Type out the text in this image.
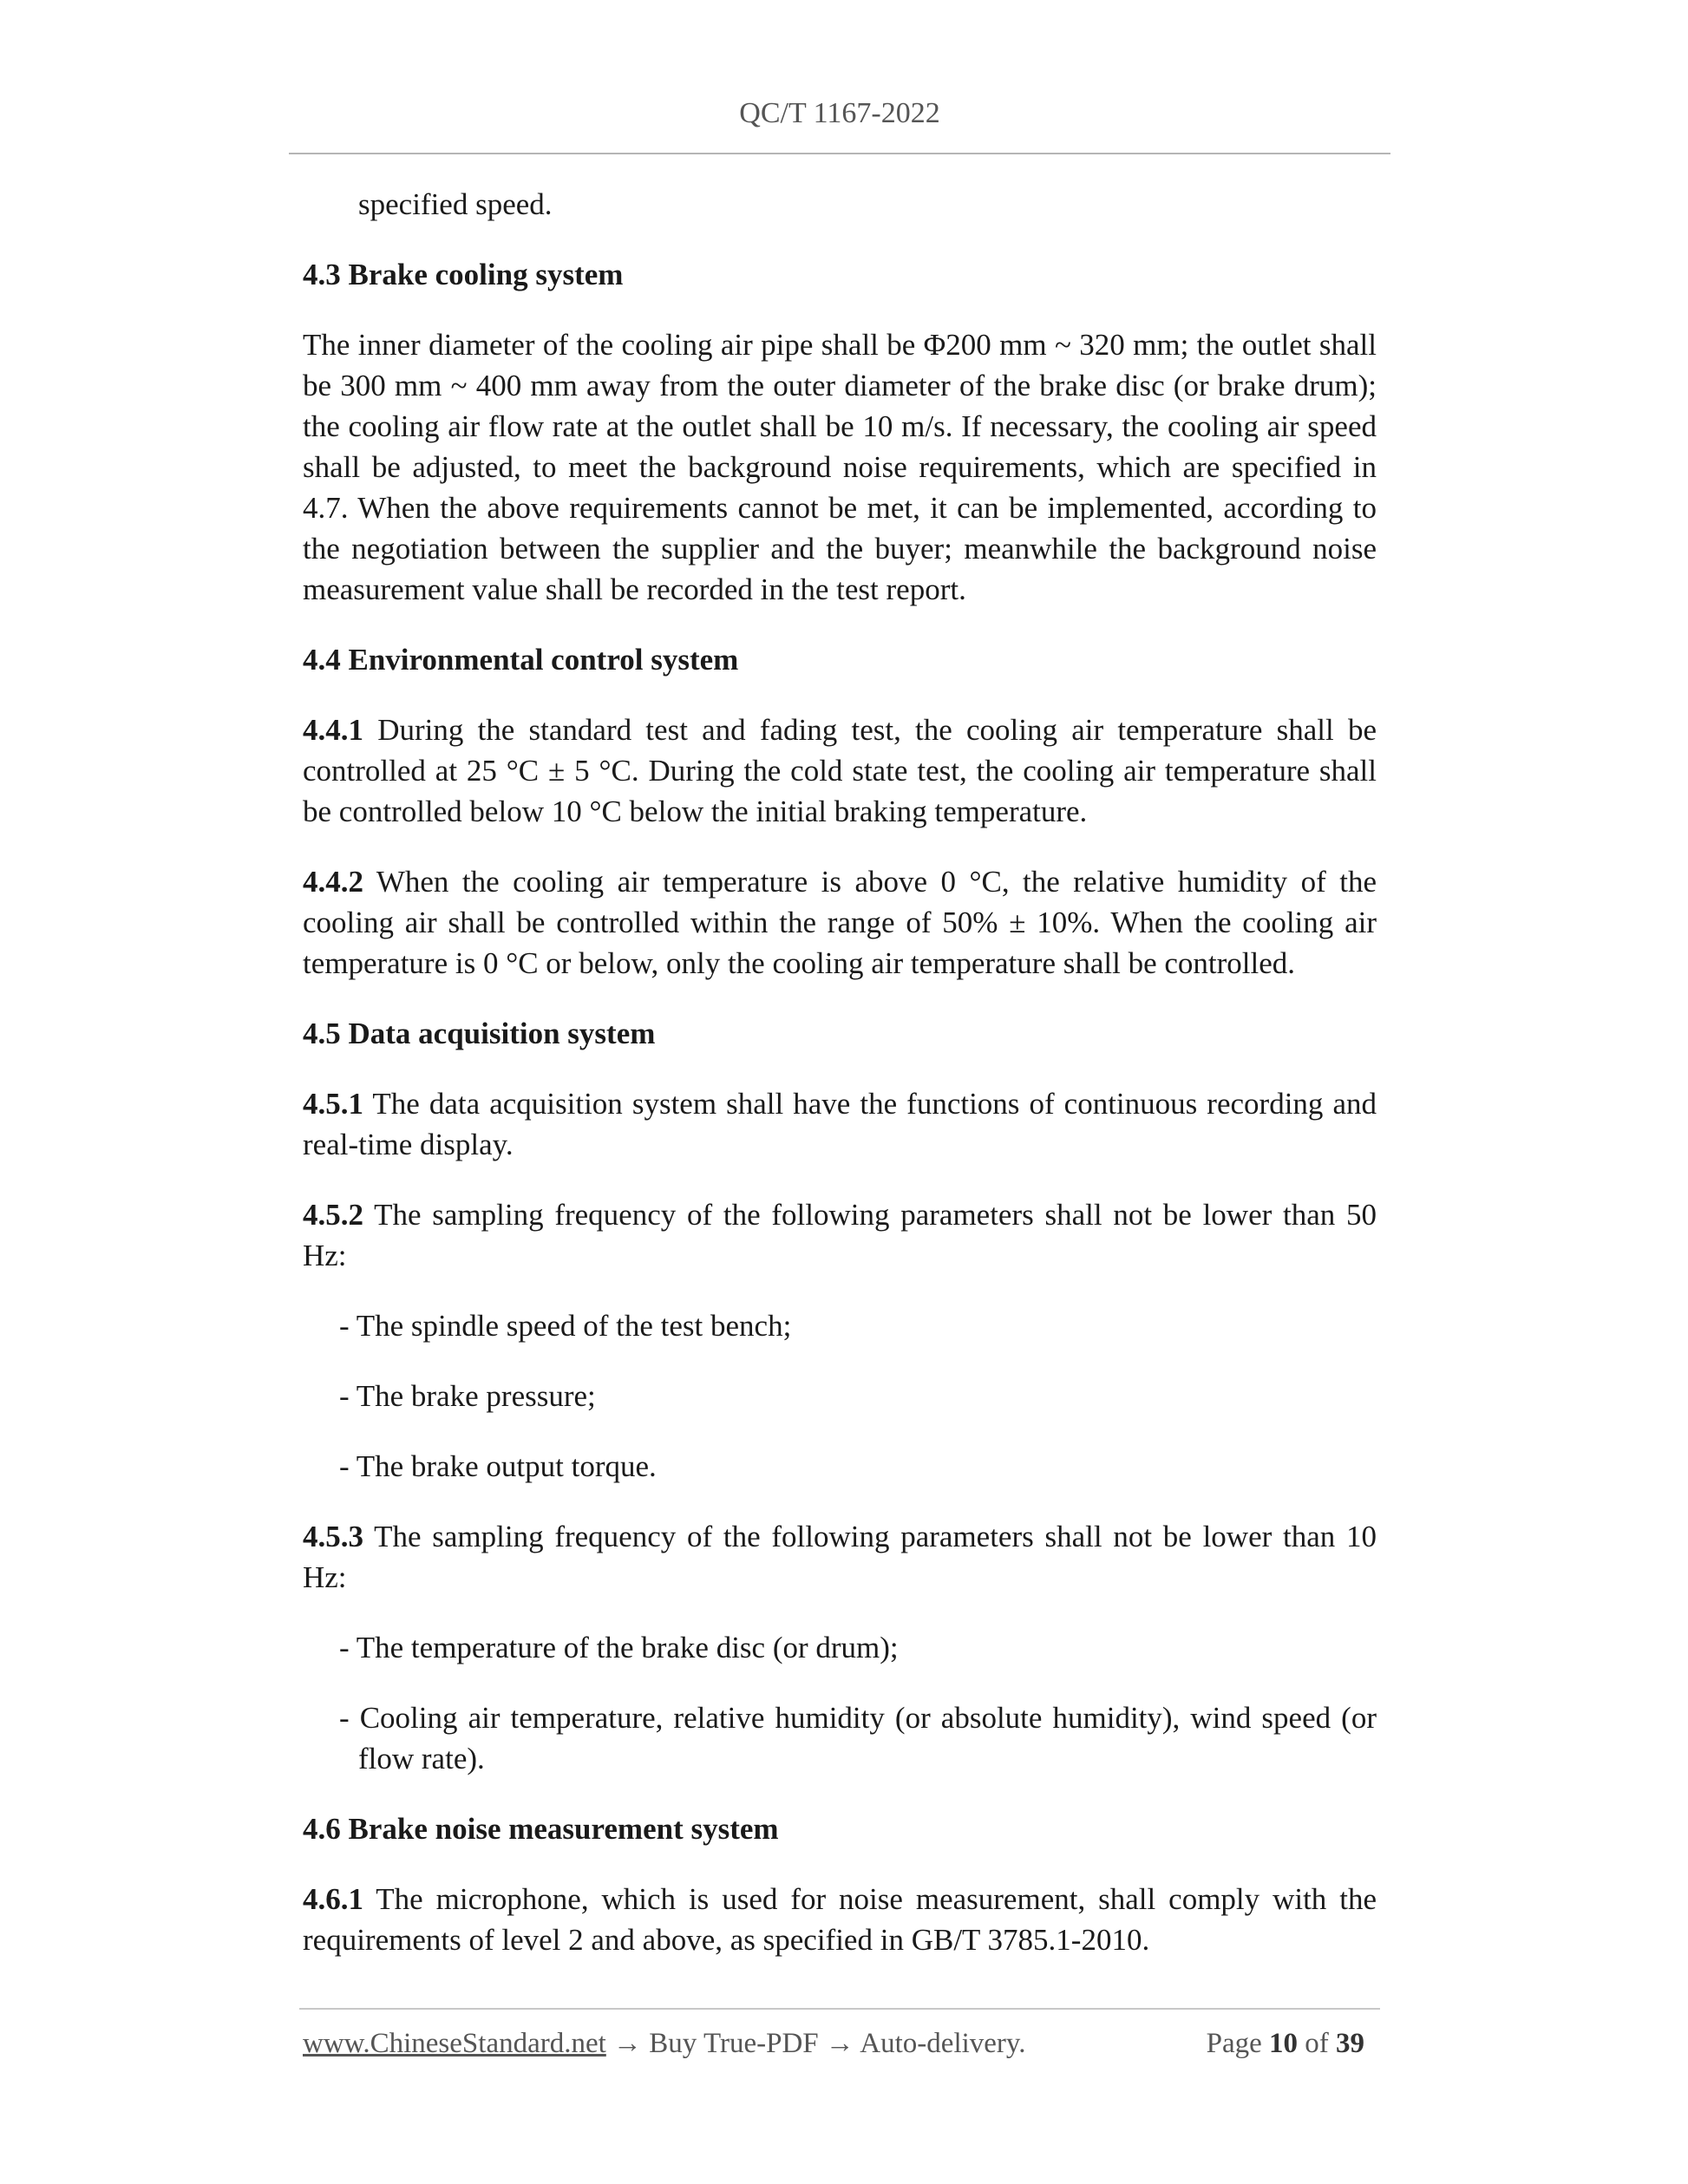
QC/T 1167-2022

specified speed.

4.3 Brake cooling system

The inner diameter of the cooling air pipe shall be Φ200 mm ~ 320 mm; the outlet shall be 300 mm ~ 400 mm away from the outer diameter of the brake disc (or brake drum); the cooling air flow rate at the outlet shall be 10 m/s. If necessary, the cooling air speed shall be adjusted, to meet the background noise requirements, which are specified in 4.7. When the above requirements cannot be met, it can be implemented, according to the negotiation between the supplier and the buyer; meanwhile the background noise measurement value shall be recorded in the test report.

4.4 Environmental control system

4.4.1 During the standard test and fading test, the cooling air temperature shall be controlled at 25 °C ± 5 °C. During the cold state test, the cooling air temperature shall be controlled below 10 °C below the initial braking temperature.

4.4.2 When the cooling air temperature is above 0 °C, the relative humidity of the cooling air shall be controlled within the range of 50% ± 10%. When the cooling air temperature is 0 °C or below, only the cooling air temperature shall be controlled.

4.5 Data acquisition system

4.5.1 The data acquisition system shall have the functions of continuous recording and real-time display.

4.5.2 The sampling frequency of the following parameters shall not be lower than 50 Hz:

- The spindle speed of the test bench;

- The brake pressure;

- The brake output torque.

4.5.3 The sampling frequency of the following parameters shall not be lower than 10 Hz:

- The temperature of the brake disc (or drum);

- Cooling air temperature, relative humidity (or absolute humidity), wind speed (or flow rate).

4.6 Brake noise measurement system

4.6.1 The microphone, which is used for noise measurement, shall comply with the requirements of level 2 and above, as specified in GB/T 3785.1-2010.

www.ChineseStandard.net → Buy True-PDF → Auto-delivery.	Page 10 of 39
